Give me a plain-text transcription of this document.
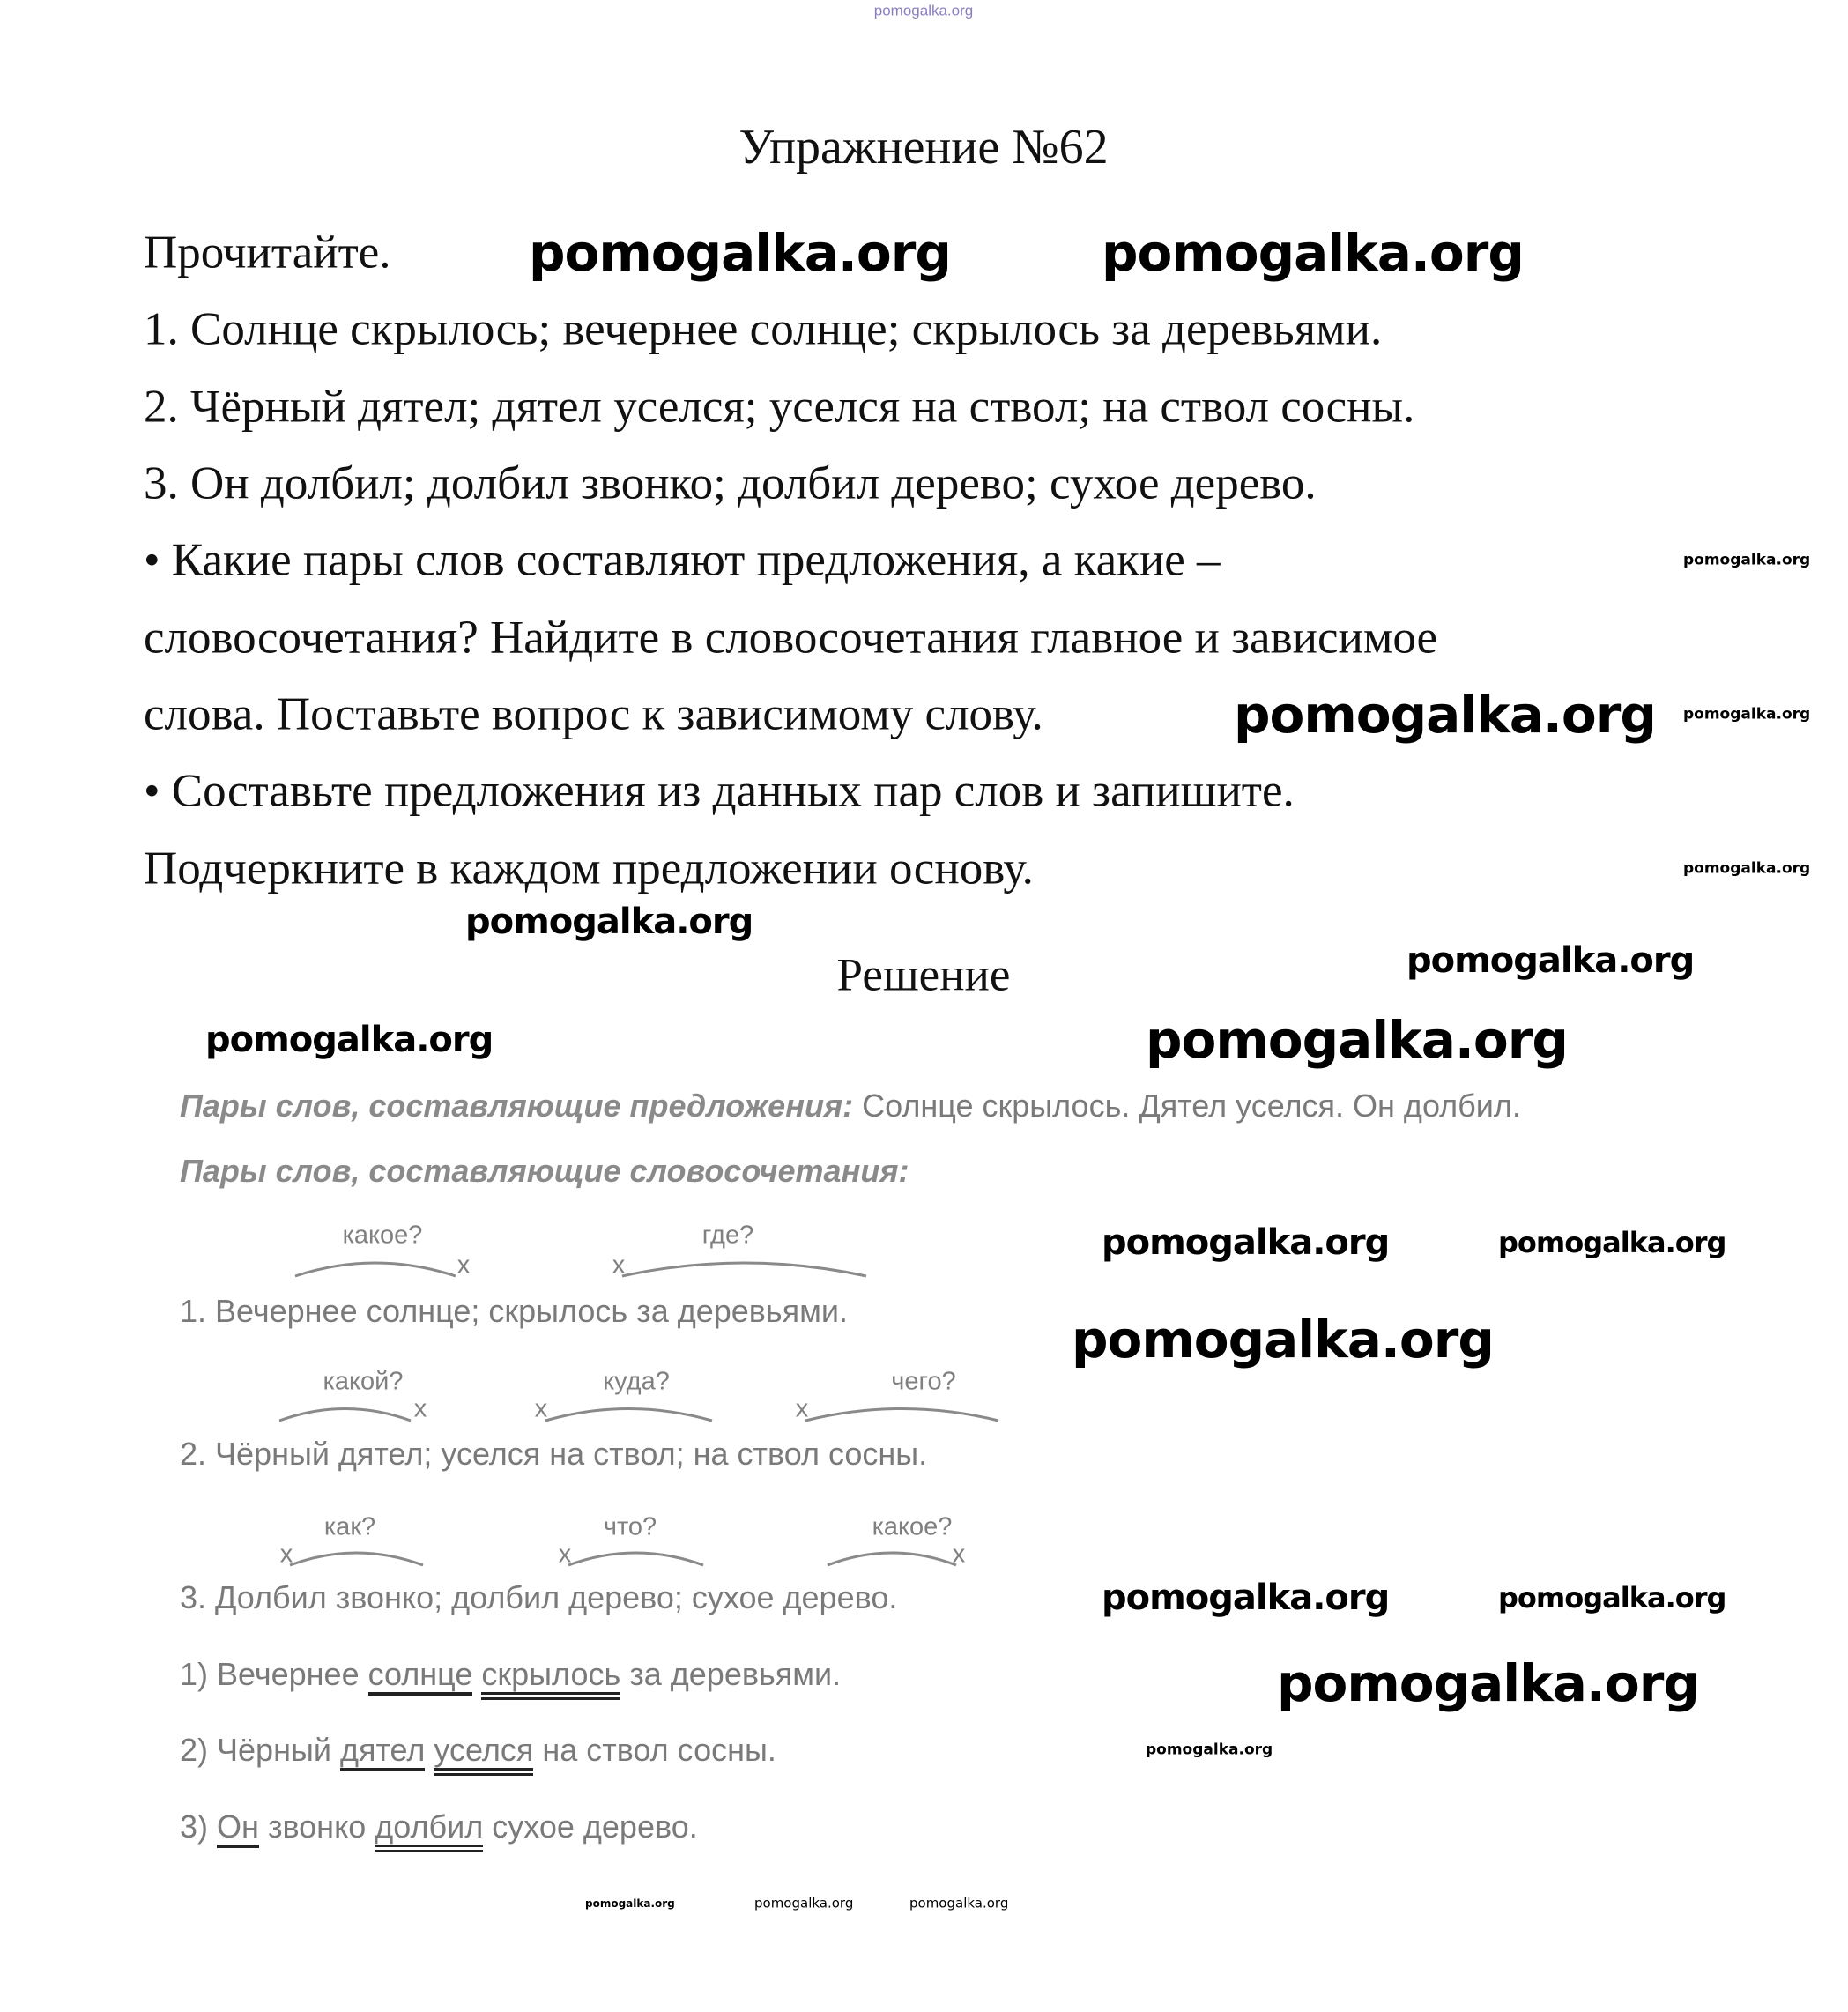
pomogalka.org
Упражнение №62
Прочитайте.
1. Солнце скрылось; вечернее солнце; скрылось за деревьями.
2. Чёрный дятел; дятел уселся; уселся на ствол; на ствол сосны.
3. Он долбил; долбил звонко; долбил дерево; сухое дерево.
• Какие пары слов составляют предложения, а какие –
словосочетания? Найдите в словосочетания главное и зависимое
слова. Поставьте вопрос к зависимому слову.
• Составьте предложения из данных пар слов и запишите.
Подчеркните в каждом предложении основу.
Решение
Пары слов, составляющие предложения: Солнце скрылось. Дятел уселся. Он долбил.
Пары слов, составляющие словосочетания:
какое?	где?
какой?	куда?	чего?
как?	что?	какое?
х	х
х	х	х
х	х	х
1. Вечернее солнце; скрылось за деревьями.
2. Чёрный дятел; уселся на ствол; на ствол сосны.
3. Долбил звонко; долбил дерево; сухое дерево.
1) Вечернее солнце скрылось за деревьями.
2) Чёрный дятел уселся на ствол сосны.
3) Он звонко долбил сухое дерево.
pomogalka.org	pomogalka.org
pomogalka.org
pomogalka.org
pomogalka.org pomogalka.org
pomogalka.org
pomogalka.org
pomogalka.org
pomogalka.org
pomogalka.org
pomogalka.org
pomogalka.org
pomogalka.org
pomogalka.org
pomogalka.org
pomogalka.org
pomogalka.org	pomogalka.org	pomogalka.org
